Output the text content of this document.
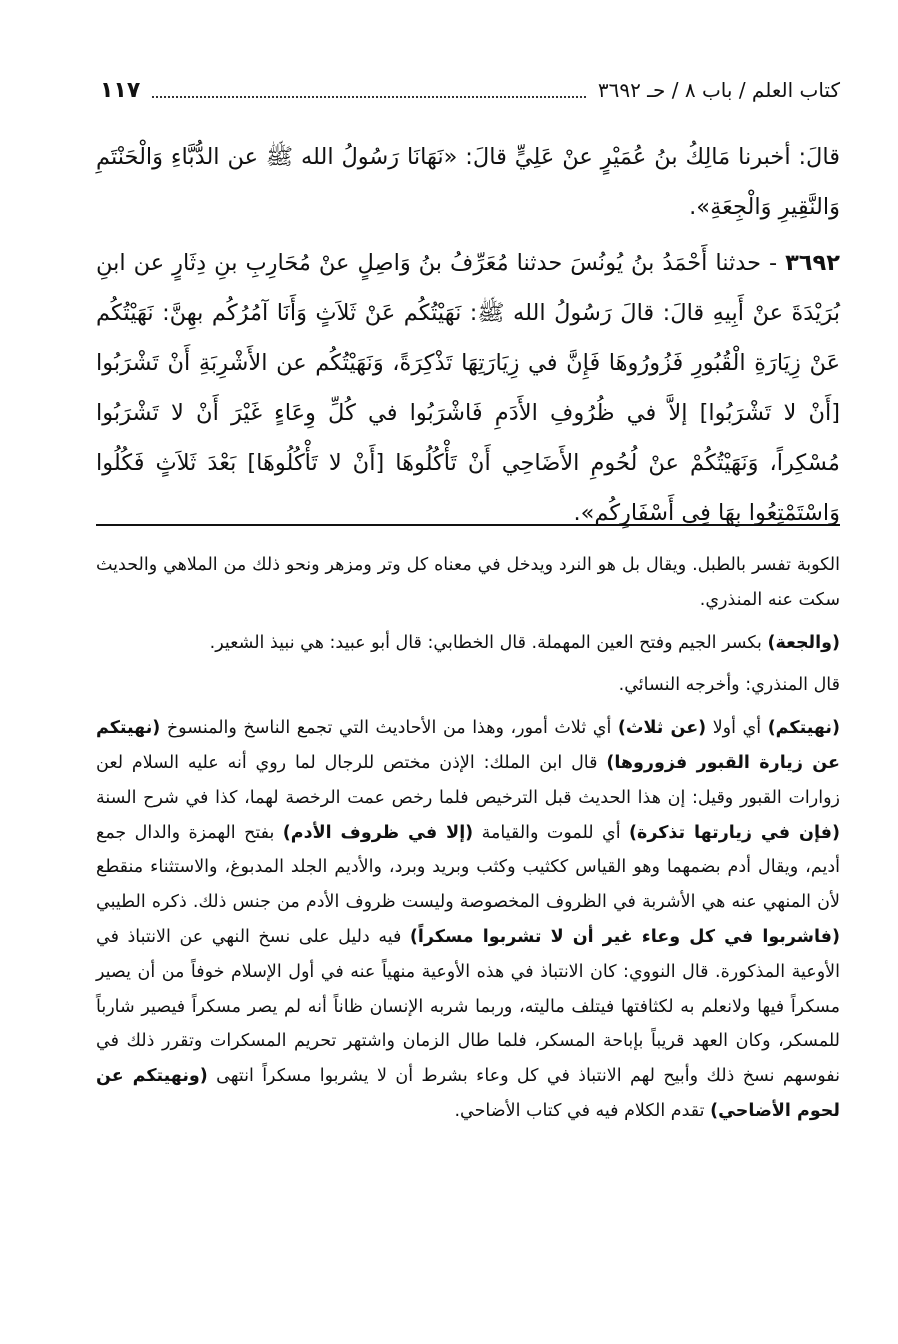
كتاب العلم / باب ٨ / حـ ٣٦٩٢
١١٧

قالَ: أخبرنا مَالِكُ بنُ عُمَيْرٍ عنْ عَلِيٍّ قالَ: «نَهَانَا رَسُولُ الله ﷺ عن الدُّبَّاءِ وَالْحَنْتَمِ وَالنَّقِيرِ وَالْجِعَةِ».

٣٦٩٢ - حدثنا أَحْمَدُ بنُ يُونُسَ حدثنا مُعَرِّفُ بنُ وَاصِلٍ عنْ مُحَارِبِ بنِ دِثَارٍ عن ابنِ بُرَيْدَةَ عنْ أَبِيهِ قالَ: قالَ رَسُولُ الله ﷺ: نَهَيْتُكُم عَنْ ثَلاَثٍ وَأَنَا آمُرُكُم بهِنَّ: نَهَيْتُكُم عَنْ زِيَارَةِ الْقُبُورِ فَزُورُوهَا فَإِنَّ في زِيَارَتِهَا تَذْكِرَةً، وَنَهَيْتُكُم عن الأَشْرِبَةِ أَنْ تَشْرَبُوا [أَنْ لا تَشْرَبُوا] إلاَّ في ظُرُوفِ الأَدَمِ فَاشْرَبُوا في كُلِّ وِعَاءٍ غَيْرَ أَنْ لا تَشْرَبُوا مُسْكِراً، وَنَهَيْتُكُمْ عنْ لُحُومِ الأَضَاحِي أَنْ تَأْكُلُوهَا [أَنْ لا تَأْكُلُوهَا] بَعْدَ ثَلاَثٍ فَكُلُوا وَاسْتَمْتِعُوا بِهَا فِي أَسْفَارِكُم».

الكوبة تفسر بالطبل. ويقال بل هو النرد ويدخل في معناه كل وتر ومزهر ونحو ذلك من الملاهي والحديث سكت عنه المنذري.

(والجعة) بكسر الجيم وفتح العين المهملة. قال الخطابي: قال أبو عبيد: هي نبيذ الشعير.

قال المنذري: وأخرجه النسائي.

(نهيتكم) أي أولا (عن ثلاث) أي ثلاث أمور، وهذا من الأحاديث التي تجمع الناسخ والمنسوخ (نهيتكم عن زيارة القبور فزوروها) قال ابن الملك: الإذن مختص للرجال لما روي أنه عليه السلام لعن زوارات القبور وقيل: إن هذا الحديث قبل الترخيص فلما رخص عمت الرخصة لهما، كذا في شرح السنة (فإن في زيارتها تذكرة) أي للموت والقيامة (إلا في ظروف الأدم) بفتح الهمزة والدال جمع أديم، ويقال أدم بضمهما وهو القياس ككثيب وكثب وبريد وبرد، والأديم الجلد المدبوغ، والاستثناء منقطع لأن المنهي عنه هي الأشربة في الظروف المخصوصة وليست ظروف الأدم من جنس ذلك. ذكره الطيبي (فاشربوا في كل وعاء غير أن لا تشربوا مسكراً) فيه دليل على نسخ النهي عن الانتباذ في الأوعية المذكورة. قال النووي: كان الانتباذ في هذه الأوعية منهياً عنه في أول الإسلام خوفاً من أن يصير مسكراً فيها ولانعلم به لكثافتها فيتلف ماليته، وربما شربه الإنسان ظاناً أنه لم يصر مسكراً فيصير شارباً للمسكر، وكان العهد قريباً بإباحة المسكر، فلما طال الزمان واشتهر تحريم المسكرات وتقرر ذلك في نفوسهم نسخ ذلك وأبيح لهم الانتباذ في كل وعاء بشرط أن لا يشربوا مسكراً انتهى (ونهيتكم عن لحوم الأضاحي) تقدم الكلام فيه في كتاب الأضاحي.
